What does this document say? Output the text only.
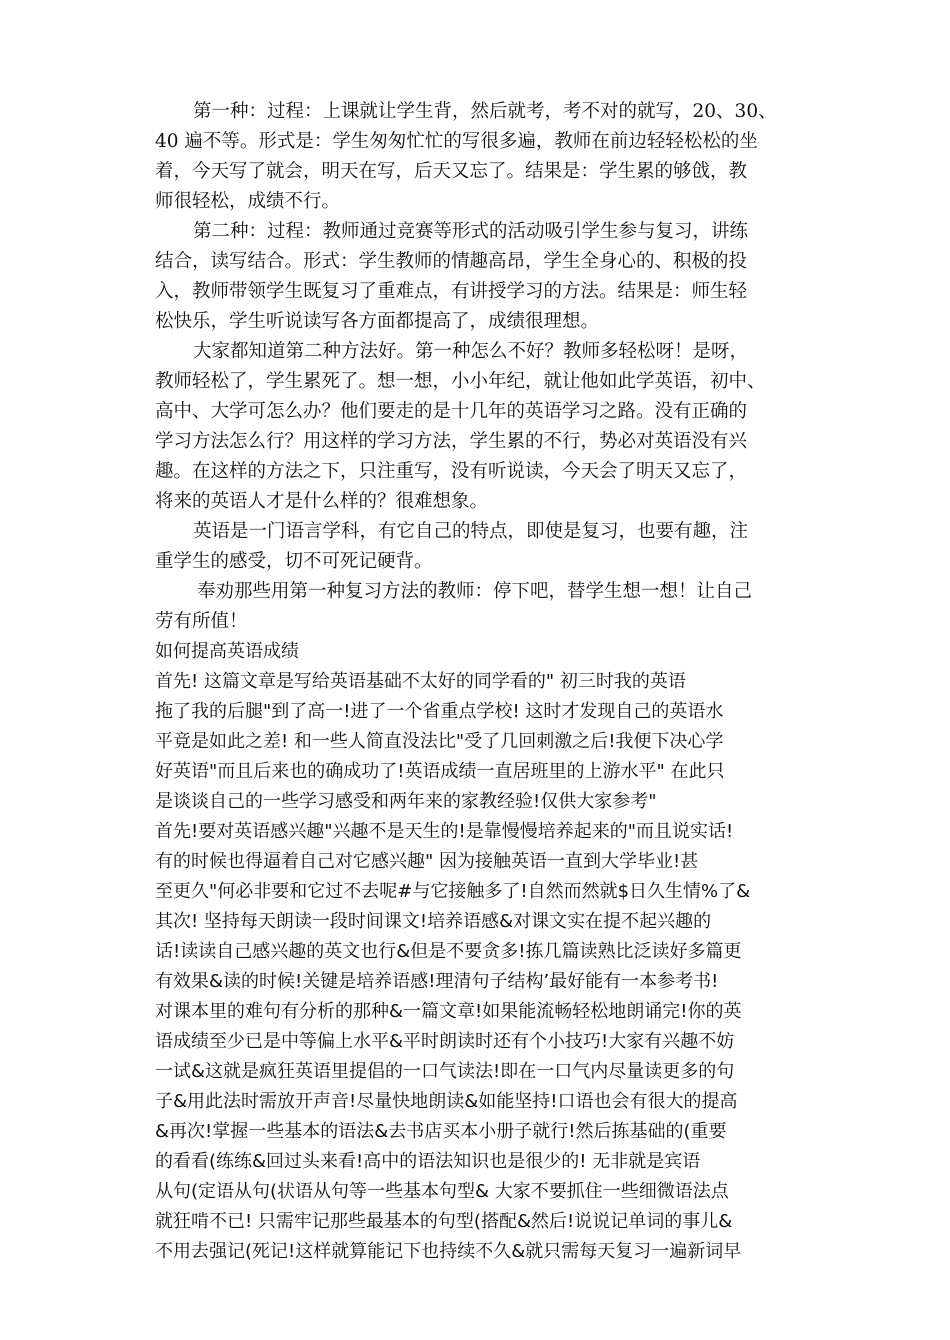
第一种：过程：上课就让学生背，然后就考，考不对的就写，20、30、
40 遍不等。形式是：学生匆匆忙忙的写很多遍，教师在前边轻轻松松的坐
着，今天写了就会，明天在写，后天又忘了。结果是：学生累的够戗，教
师很轻松，成绩不行。
第二种：过程：教师通过竞赛等形式的活动吸引学生参与复习，讲练
结合，读写结合。形式：学生教师的情趣高昂，学生全身心的、积极的投
入，教师带领学生既复习了重难点，有讲授学习的方法。结果是：师生轻
松快乐，学生听说读写各方面都提高了，成绩很理想。
大家都知道第二种方法好。第一种怎么不好？教师多轻松呀！是呀，
教师轻松了，学生累死了。想一想，小小年纪，就让他如此学英语，初中、
高中、大学可怎么办？他们要走的是十几年的英语学习之路。没有正确的
学习方法怎么行？用这样的学习方法，学生累的不行，势必对英语没有兴
趣。在这样的方法之下，只注重写，没有听说读，今天会了明天又忘了，
将来的英语人才是什么样的？很难想象。
英语是一门语言学科，有它自己的特点，即使是复习，也要有趣，注
重学生的感受，切不可死记硬背。
奉劝那些用第一种复习方法的教师：停下吧，替学生想一想！让自己
劳有所值！
如何提高英语成绩
首先! 这篇文章是写给英语基础不太好的同学看的" 初三时我的英语
拖了我的后腿"到了高一!进了一个省重点学校! 这时才发现自己的英语水
平竟是如此之差! 和一些人简直没法比"受了几回刺激之后!我便下决心学
好英语"而且后来也的确成功了!英语成绩一直居班里的上游水平" 在此只
是谈谈自己的一些学习感受和两年来的家教经验!仅供大家参考"
首先!要对英语感兴趣"兴趣不是天生的!是靠慢慢培养起来的"而且说实话!
有的时候也得逼着自己对它感兴趣" 因为接触英语一直到大学毕业!甚
至更久"何必非要和它过不去呢#与它接触多了!自然而然就$日久生情%了&
其次! 坚持每天朗读一段时间课文!培养语感&对课文实在提不起兴趣的
话!读读自己感兴趣的英文也行&但是不要贪多!拣几篇读熟比泛读好多篇更
有效果&读的时候!关键是培养语感!理清句子结构’最好能有一本参考书!
对课本里的难句有分析的那种&一篇文章!如果能流畅轻松地朗诵完!你的英
语成绩至少已是中等偏上水平&平时朗读时还有个小技巧!大家有兴趣不妨
一试&这就是疯狂英语里提倡的一口气读法!即在一口气内尽量读更多的句
子&用此法时需放开声音!尽量快地朗读&如能坚持!口语也会有很大的提高
&再次!掌握一些基本的语法&去书店买本小册子就行!然后拣基础的(重要
的看看(练练&回过头来看!高中的语法知识也是很少的! 无非就是宾语
从句(定语从句(状语从句等一些基本句型& 大家不要抓住一些细微语法点
就狂啃不已! 只需牢记那些最基本的句型(搭配&然后!说说记单词的事儿&
不用去强记(死记!这样就算能记下也持续不久&就只需每天复习一遍新词早
